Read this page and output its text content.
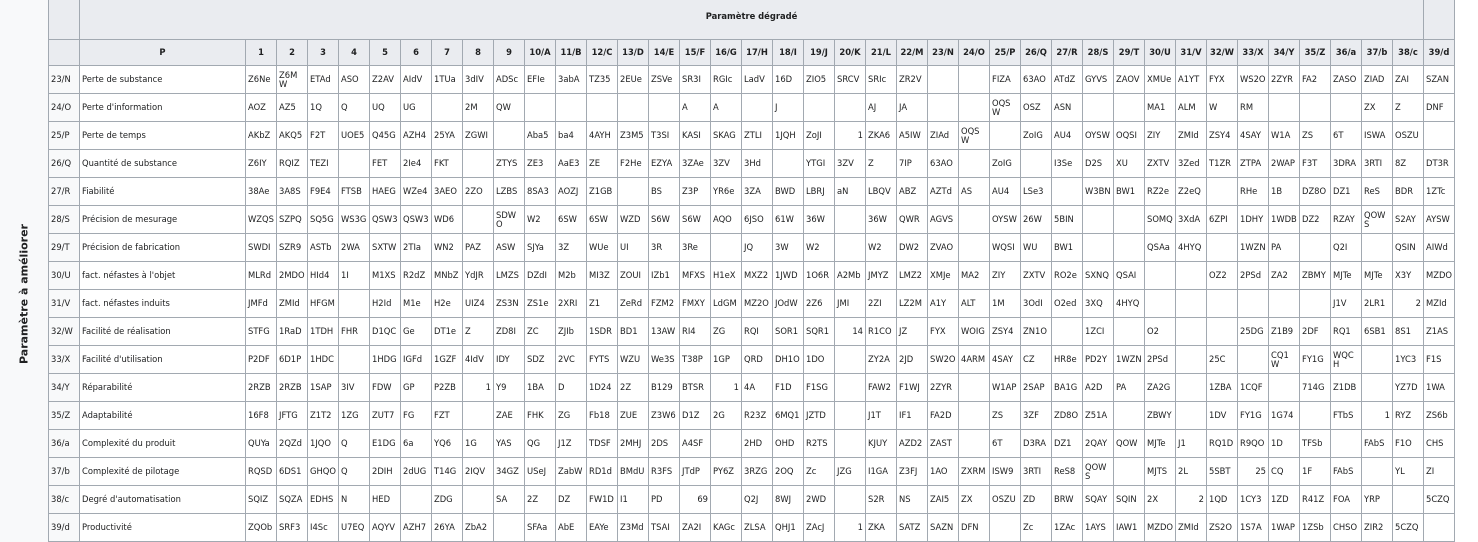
Paramètre à améliorer
	Paramètre dégradé																																							
	P	1	2	3	4	5	6	7	8	9	10/A	11/B	12/C	13/D	14/E	15/F	16/G	17/H	18/I	19/J	20/K	21/L	22/M	23/N	24/O	25/P	26/Q	27/R	28/S	29/T	30/U	31/V	32/W	33/X	34/Y	35/Z	36/a	37/b	38/c	39/d
23/N	Perte de substance	Z6Ne	Z6MW	ETAd	ASO	Z2AV	AIdV	1TUa	3dIV	ADSc	EFIe	3abA	TZ35	2EUe	ZSVe	SR3I	RGIc	LadV	16D	ZIO5	SRCV	SRIc	ZR2V			FIZA	63AO	ATdZ	GYVS	ZAOV	XMUe	A1YT	FYX	WS2O	2ZYR	FA2	ZASO	ZIAD	ZAI	SZAN
24/O	Perte d'information	AOZ	AZ5	1Q	Q	UQ	UG		2M	QW						A	A		J			AJ	JA			OQSW	OSZ	ASN			MA1	ALM	W	RM				ZX	Z	DNF
25/P	Perte de temps	AKbZ	AKQ5	F2T	UOE5	Q45G	AZH4	25YA	ZGWI		Aba5	ba4	4AYH	Z3M5	T3SI	KASI	SKAG	ZTLI	1JQH	ZoJI	1	ZKA6	A5IW	ZIAd	OQSW		ZoIG	AU4	OYSW	OQSI	ZIY	ZMId	ZSY4	4SAY	W1A	ZS	6T	ISWA	OSZU	
26/Q	Quantité de substance	Z6IY	RQIZ	TEZI		FET	2Ie4	FKT		ZTYS	ZE3	AaE3	ZE	F2He	EZYA	3ZAe	3ZV	3Hd		YTGI	3ZV	Z	7IP	63AO		ZoIG		I3Se	D2S	XU	ZXTV	3Zed	T1ZR	ZTPA	2WAP	F3T	3DRA	3RTI	8Z	DT3R
27/R	Fiabilité	38Ae	3A8S	F9E4	FTSB	HAEG	WZe4	3AEO	2ZO	LZBS	8SA3	AOZJ	Z1GB		BS	Z3P	YR6e	3ZA	BWD	LBRJ	aN	LBQV	ABZ	AZTd	AS	AU4	LSe3		W3BN	BW1	RZ2e	Z2eQ		RHe	1B	DZ8O	DZ1	ReS	BDR	1ZTc
28/S	Précision de mesurage	WZQS	SZPQ	SQ5G	WS3G	QSW3	QSW3	WD6		SDWO	W2	6SW	6SW	WZD	S6W	S6W	AQO	6JSO	61W	36W		36W	QWR	AGVS		OYSW	26W	5BIN			SOMQ	3XdA	6ZPI	1DHY	1WDB	DZ2	RZAY	QOWS	S2AY	AYSW
29/T	Précision de fabrication	SWDI	SZR9	ASTb	2WA	SXTW	2TIa	WN2	PAZ	ASW	SJYa	3Z	WUe	UI	3R	3Re		JQ	3W	W2		W2	DW2	ZVAO		WQSI	WU	BW1			QSAa	4HYQ		1WZN	PA		Q2I		QSIN	AIWd
30/U	fact. néfastes à l'objet	MLRd	2MDO	HId4	1I	M1XS	R2dZ	MNbZ	YdJR	LMZS	DZdI	M2b	MI3Z	ZOUI	IZb1	MFXS	H1eX	MXZ2	1JWD	1O6R	A2Mb	JMYZ	LMZ2	XMJe	MA2	ZIY	ZXTV	RO2e	SXNQ	QSAI			OZ2	2PSd	ZA2	ZBMY	MJTe	MJTe	X3Y	MZDO
31/V	fact. néfastes induits	JMFd	ZMId	HFGM		H2Id	M1e	H2e	UIZ4	ZS3N	ZS1e	2XRI	Z1	ZeRd	FZM2	FMXY	LdGM	MZ2O	JOdW	2Z6	JMI	2ZI	LZ2M	A1Y	ALT	1M	3OdI	O2ed	3XQ	4HYQ							J1V	2LR1	2	MZId
32/W	Facilité de réalisation	STFG	1RaD	1TDH	FHR	D1QC	Ge	DT1e	Z	ZD8I	ZC	ZJIb	1SDR	BD1	13AW	RI4	ZG	RQI	SOR1	SQR1	14	R1CO	JZ	FYX	WOIG	ZSY4	ZN1O		1ZCI		O2			25DG	Z1B9	2DF	RQ1	6SB1	8S1	Z1AS
33/X	Facilité d'utilisation	P2DF	6D1P	1HDC		1HDG	IGFd	1GZF	4IdV	IDY	SDZ	2VC	FYTS	WZU	We3S	T38P	1GP	QRD	DH1O	1DO		ZY2A	2JD	SW2O	4ARM	4SAY	CZ	HR8e	PD2Y	1WZN	2PSd		25C		CQ1W	FY1G	WQCH		1YC3	F1S
34/Y	Réparabilité	2RZB	2RZB	1SAP	3IV	FDW	GP	P2ZB	1	Y9	1BA	D	1D24	2Z	B129	BTSR	1	4A	F1D	F1SG		FAW2	F1WJ	2ZYR		W1AP	2SAP	BA1G	A2D	PA	ZA2G		1ZBA	1CQF		714G	Z1DB		YZ7D	1WA
35/Z	Adaptabilité	16F8	JFTG	Z1T2	1ZG	ZUT7	FG	FZT		ZAE	FHK	ZG	Fb18	ZUE	Z3W6	D1Z	2G	R23Z	6MQ1	JZTD		J1T	IF1	FA2D		ZS	3ZF	ZD8O	Z51A		ZBWY		1DV	FY1G	1G74		FTbS	1	RYZ	ZS6b
36/a	Complexité du produit	QUYa	2QZd	1JQO	Q	E1DG	6a	YQ6	1G	YAS	QG	J1Z	TDSF	2MHJ	2DS	A4SF		2HD	OHD	R2TS		KJUY	AZD2	ZAST		6T	D3RA	DZ1	2QAY	QOW	MJTe	J1	RQ1D	R9QO	1D	TFSb		FAbS	F1O	CHS
37/b	Complexité de pilotage	RQSD	6DS1	GHQO	Q	2DIH	2dUG	T14G	2IQV	34GZ	USeJ	ZabW	RD1d	BMdU	R3FS	JTdP	PY6Z	3RZG	2OQ	Zc	JZG	I1GA	Z3FJ	1AO	ZXRM	ISW9	3RTI	ReS8	QOWS		MJTS	2L	5SBT	25	CQ	1F	FAbS		YL	ZI
38/c	Degré d'automatisation	SQIZ	SQZA	EDHS	N	HED		ZDG		SA	2Z	DZ	FW1D	I1	PD	69		Q2J	8WJ	2WD		S2R	NS	ZAI5	ZX	OSZU	ZD	BRW	SQAY	SQIN	2X	2	1QD	1CY3	1ZD	R41Z	FOA	YRP		5CZQ
39/d	Productivité	ZQOb	SRF3	I4Sc	U7EQ	AQYV	AZH7	26YA	ZbA2		SFAa	AbE	EAYe	Z3Md	TSAI	ZA2I	KAGc	ZLSA	QHJ1	ZAcJ	1	ZKA	SATZ	SAZN	DFN		Zc	1ZAc	1AYS	IAW1	MZDO	ZMId	ZS2O	1S7A	1WAP	1ZSb	CHSO	ZIR2	5CZQ	
